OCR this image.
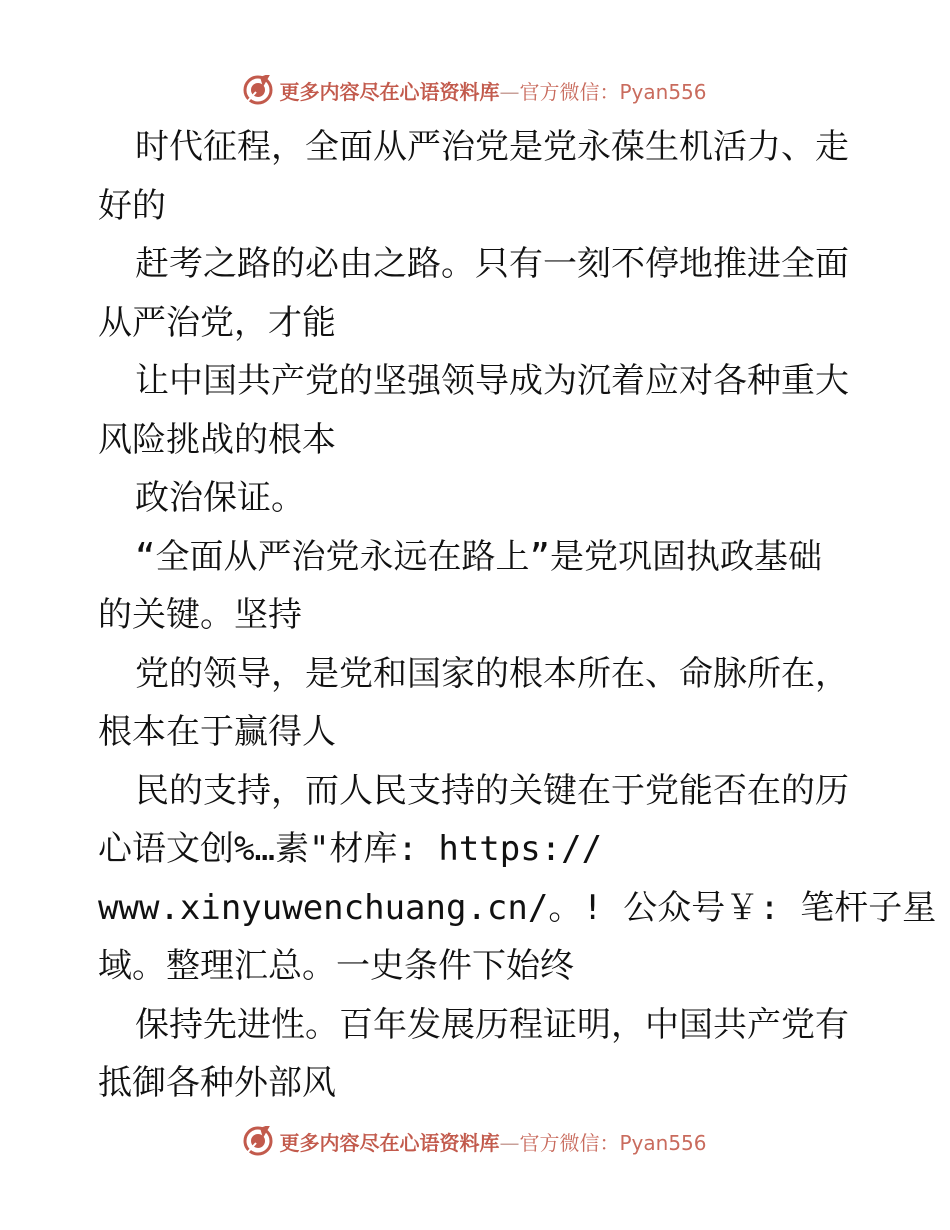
更多内容尽在心语资料库—官方微信：Pyan556
时代征程，全面从严治党是党永葆生机活力、走
好的
赶考之路的必由之路。只有一刻不停地推进全面
从严治党，才能
让中国共产党的坚强领导成为沉着应对各种重大
风险挑战的根本
政治保证。
“全面从严治党永远在路上”是党巩固执政基础
的关键。坚持
党的领导，是党和国家的根本所在、命脉所在，
根本在于赢得人
民的支持，而人民支持的关键在于党能否在的历
心语文创%…素"材库: https://
www.xinyuwenchuang.cn/。! 公众号￥: 笔杆子星
域。整理汇总。一史条件下始终
保持先进性。百年发展历程证明，中国共产党有
抵御各种外部风
更多内容尽在心语资料库—官方微信：Pyan556
